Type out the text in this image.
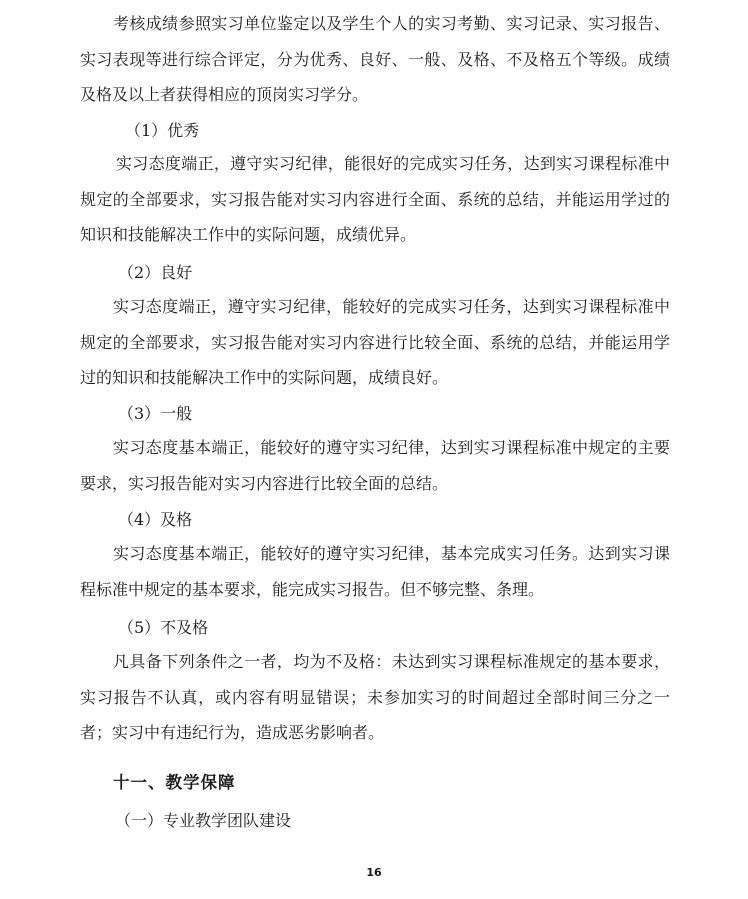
考核成绩参照实习单位鉴定以及学生个人的实习考勤、实习记录、实习报告、实习表现等进行综合评定，分为优秀、良好、一般、及格、不及格五个等级。成绩及格及以上者获得相应的顶岗实习学分。

（1）优秀

实习态度端正，遵守实习纪律，能很好的完成实习任务，达到实习课程标准中规定的全部要求，实习报告能对实习内容进行全面、系统的总结，并能运用学过的知识和技能解决工作中的实际问题，成绩优异。

（2）良好

实习态度端正，遵守实习纪律，能较好的完成实习任务，达到实习课程标准中规定的全部要求，实习报告能对实习内容进行比较全面、系统的总结，并能运用学过的知识和技能解决工作中的实际问题，成绩良好。

（3）一般

实习态度基本端正，能较好的遵守实习纪律，达到实习课程标准中规定的主要要求，实习报告能对实习内容进行比较全面的总结。

（4）及格

实习态度基本端正，能较好的遵守实习纪律，基本完成实习任务。达到实习课程标准中规定的基本要求，能完成实习报告。但不够完整、条理。

（5）不及格

凡具备下列条件之一者，均为不及格：未达到实习课程标准规定的基本要求，实习报告不认真，或内容有明显错误；未参加实习的时间超过全部时间三分之一者；实习中有违纪行为，造成恶劣影响者。

十一、教学保障

（一）专业教学团队建设

16
